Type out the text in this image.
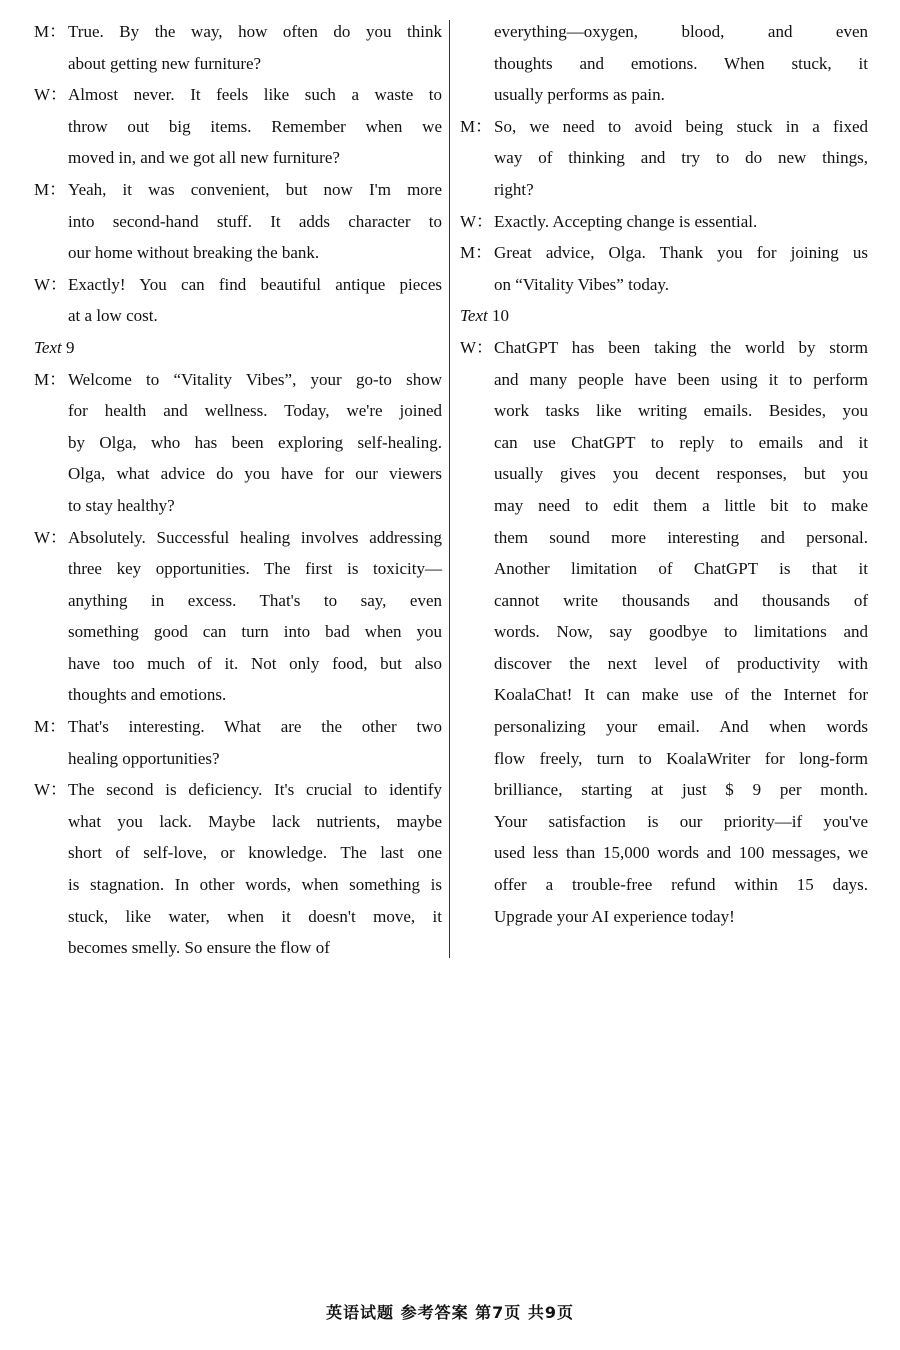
M： True. By the way, how often do you think
about getting new furniture?
W： Almost never. It feels like such a waste to
throw out big items. Remember when we
moved in, and we got all new furniture?
M： Yeah, it was convenient, but now I'm more
into second-hand stuff. It adds character to
our home without breaking the bank.
W： Exactly! You can find beautiful antique pieces
at a low cost.
Text 9
M： Welcome to “Vitality Vibes”, your go-to show
for health and wellness. Today, we're joined
by Olga, who has been exploring self-healing.
Olga, what advice do you have for our viewers
to stay healthy?
W： Absolutely. Successful healing involves addressing
three key opportunities. The first is toxicity—
anything in excess. That's to say, even
something good can turn into bad when you
have too much of it. Not only food, but also
thoughts and emotions.
M： That's interesting. What are the other two
healing opportunities?
W： The second is deficiency. It's crucial to identify
what you lack. Maybe lack nutrients, maybe
short of self-love, or knowledge. The last one
is stagnation. In other words, when something is
stuck, like water, when it doesn't move, it
becomes smelly. So ensure the flow of
everything—oxygen, blood, and even
thoughts and emotions. When stuck, it
usually performs as pain.
M： So, we need to avoid being stuck in a fixed
way of thinking and try to do new things,
right?
W： Exactly. Accepting change is essential.
M： Great advice, Olga. Thank you for joining us
on “Vitality Vibes” today.
Text 10
W： ChatGPT has been taking the world by storm
and many people have been using it to perform
work tasks like writing emails. Besides, you
can use ChatGPT to reply to emails and it
usually gives you decent responses, but you
may need to edit them a little bit to make
them sound more interesting and personal.
Another limitation of ChatGPT is that it
cannot write thousands and thousands of
words. Now, say goodbye to limitations and
discover the next level of productivity with
KoalaChat! It can make use of the Internet for
personalizing your email. And when words
flow freely, turn to KoalaWriter for long-form
brilliance, starting at just $ 9 per month.
Your satisfaction is our priority—if you've
used less than 15,000 words and 100 messages, we
offer a trouble-free refund within 15 days.
Upgrade your AI experience today!
英语试题 参考答案 第7页 共9页
